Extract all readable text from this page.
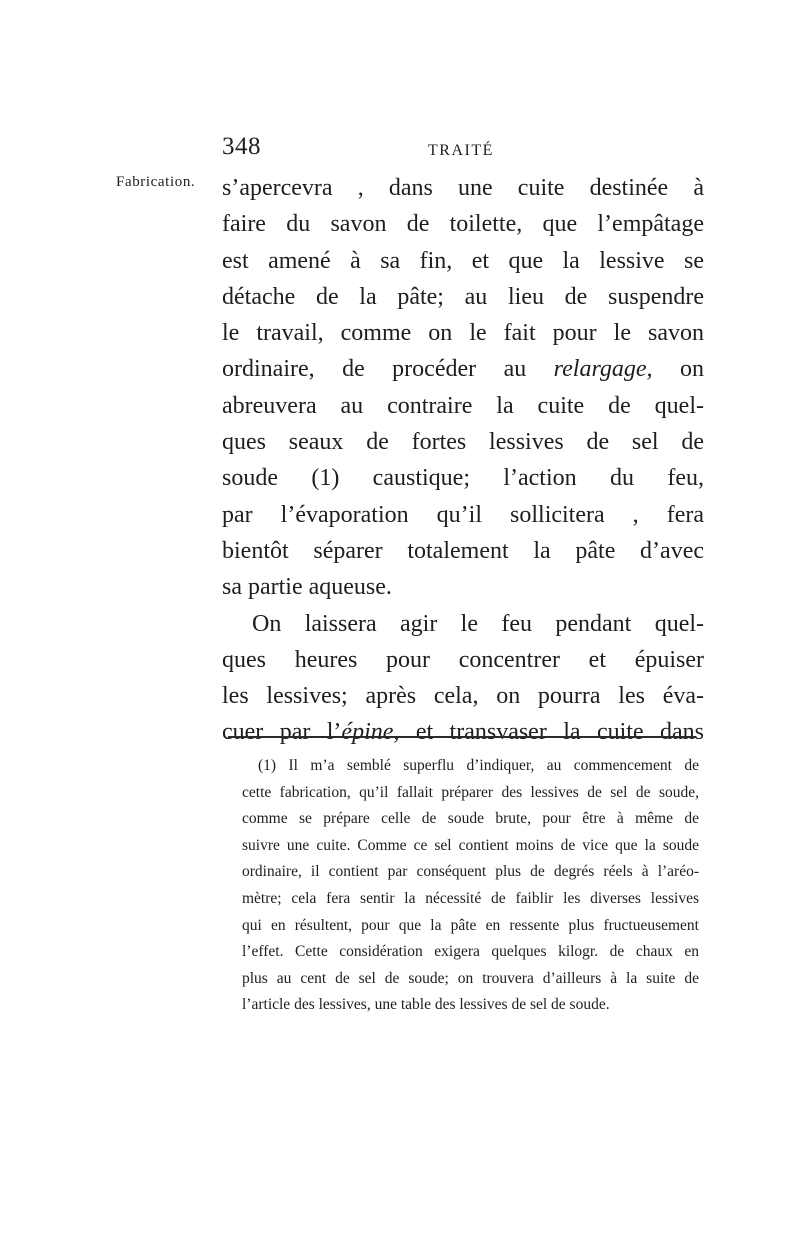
348	TRAITÉ
Fabrication. s’apercevra , dans une cuite destinée à
faire du savon de toilette, que l’empâtage
est amené à sa fin, et que la lessive se
détache de la pâte; au lieu de suspendre
le travail, comme on le fait pour le savon
ordinaire, de procéder au relargage, on
abreuvera au contraire la cuite de quel-
ques seaux de fortes lessives de sel de
soude (1) caustique; l’action du feu,
par l’évaporation qu’il sollicitera , fera
bientôt séparer totalement la pâte d’avec
sa partie aqueuse.
On laissera agir le feu pendant quel-
ques heures pour concentrer et épuiser
les lessives; après cela, on pourra les éva-
cuer par l’épine, et transvaser la cuite dans
(1) Il m’a semblé superflu d’indiquer, au commencement de
cette fabrication, qu’il fallait préparer des lessives de sel de soude,
comme se prépare celle de soude brute, pour être à même de
suivre une cuite. Comme ce sel contient moins de vice que la soude
ordinaire, il contient par conséquent plus de degrés réels à l’aréo-
mètre; cela fera sentir la nécessité de faiblir les diverses lessives
qui en résultent, pour que la pâte en ressente plus fructueusement
l’effet. Cette considération exigera quelques kilogr. de chaux en
plus au cent de sel de soude; on trouvera d’ailleurs à la suite de
l’article des lessives, une table des lessives de sel de soude.
